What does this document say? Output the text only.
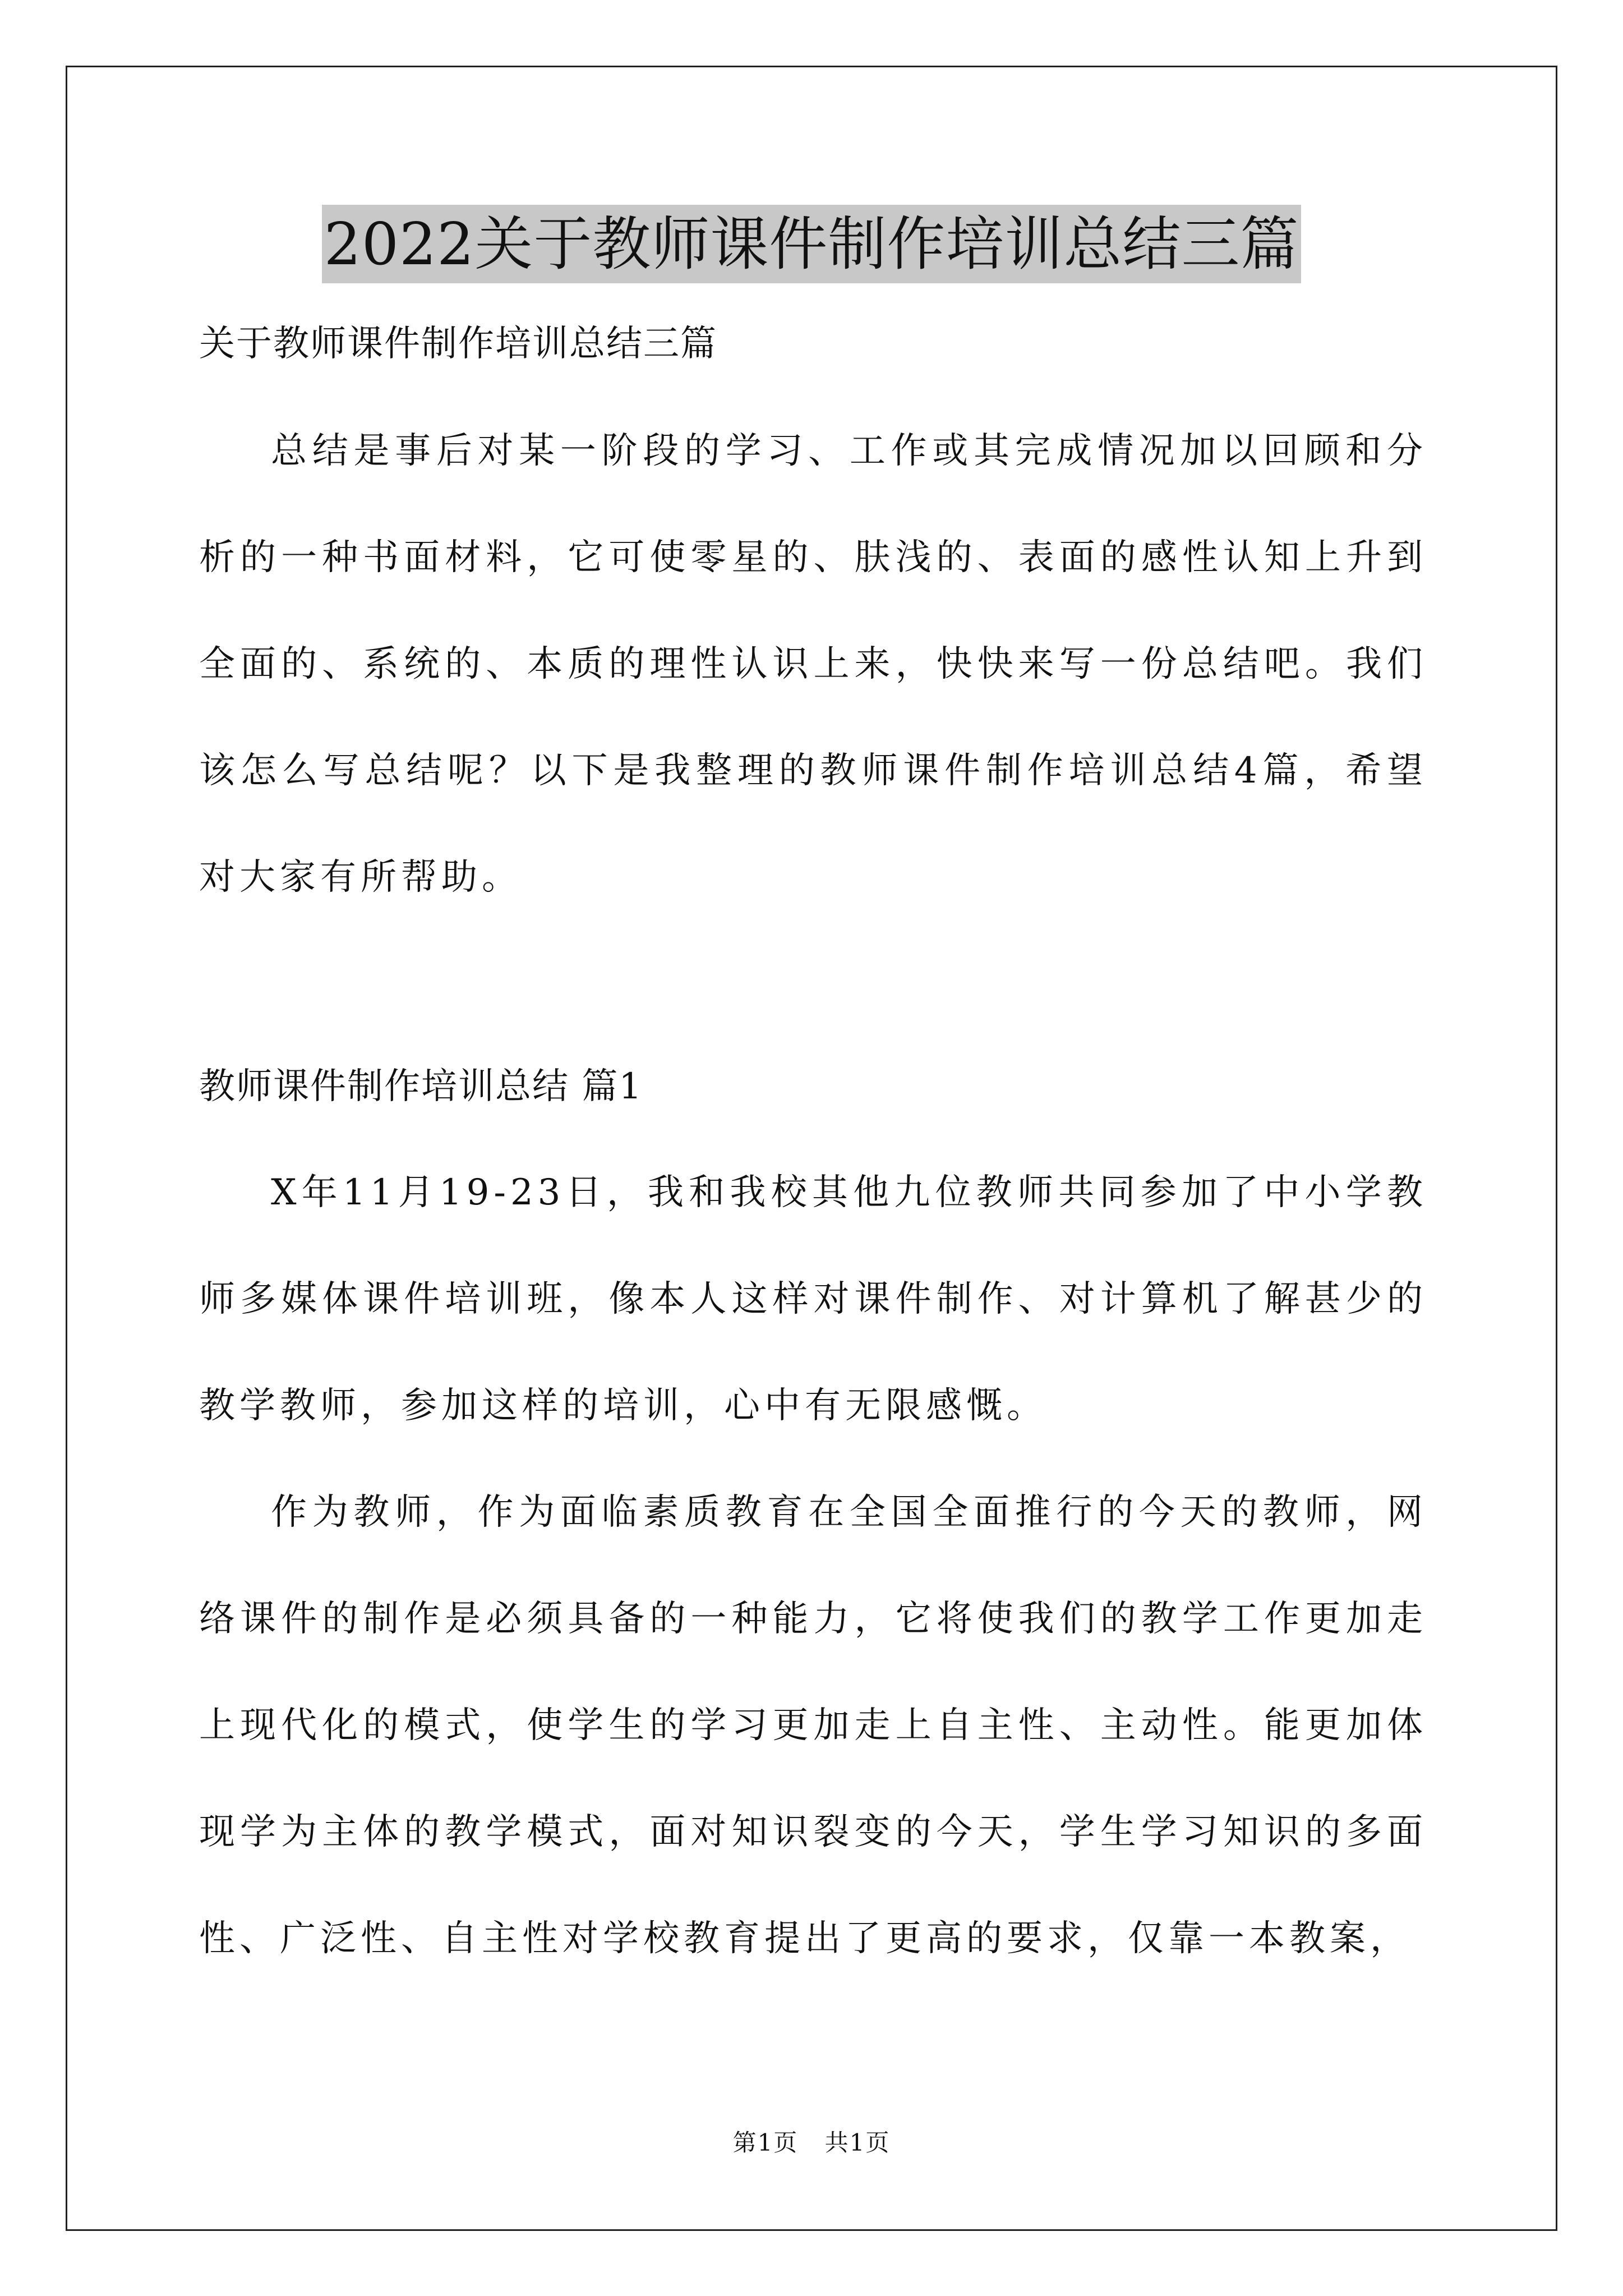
2022关于教师课件制作培训总结三篇
关于教师课件制作培训总结三篇

总结是事后对某一阶段的学习、工作或其完成情况加以回顾和分析的一种书面材料，它可使零星的、肤浅的、表面的感性认知上升到全面的、系统的、本质的理性认识上来，快快来写一份总结吧。我们该怎么写总结呢？以下是我整理的教师课件制作培训总结4篇，希望对大家有所帮助。

教师课件制作培训总结 篇1

X年11月19-23日，我和我校其他九位教师共同参加了中小学教师多媒体课件培训班，像本人这样对课件制作、对计算机了解甚少的教学教师，参加这样的培训，心中有无限感慨。

作为教师，作为面临素质教育在全国全面推行的今天的教师，网络课件的制作是必须具备的一种能力，它将使我们的教学工作更加走上现代化的模式，使学生的学习更加走上自主性、主动性。能更加体现学为主体的教学模式，面对知识裂变的今天，学生学习知识的多面性、广泛性、自主性对学校教育提出了更高的要求，仅靠一本教案，

第1页 共1页
